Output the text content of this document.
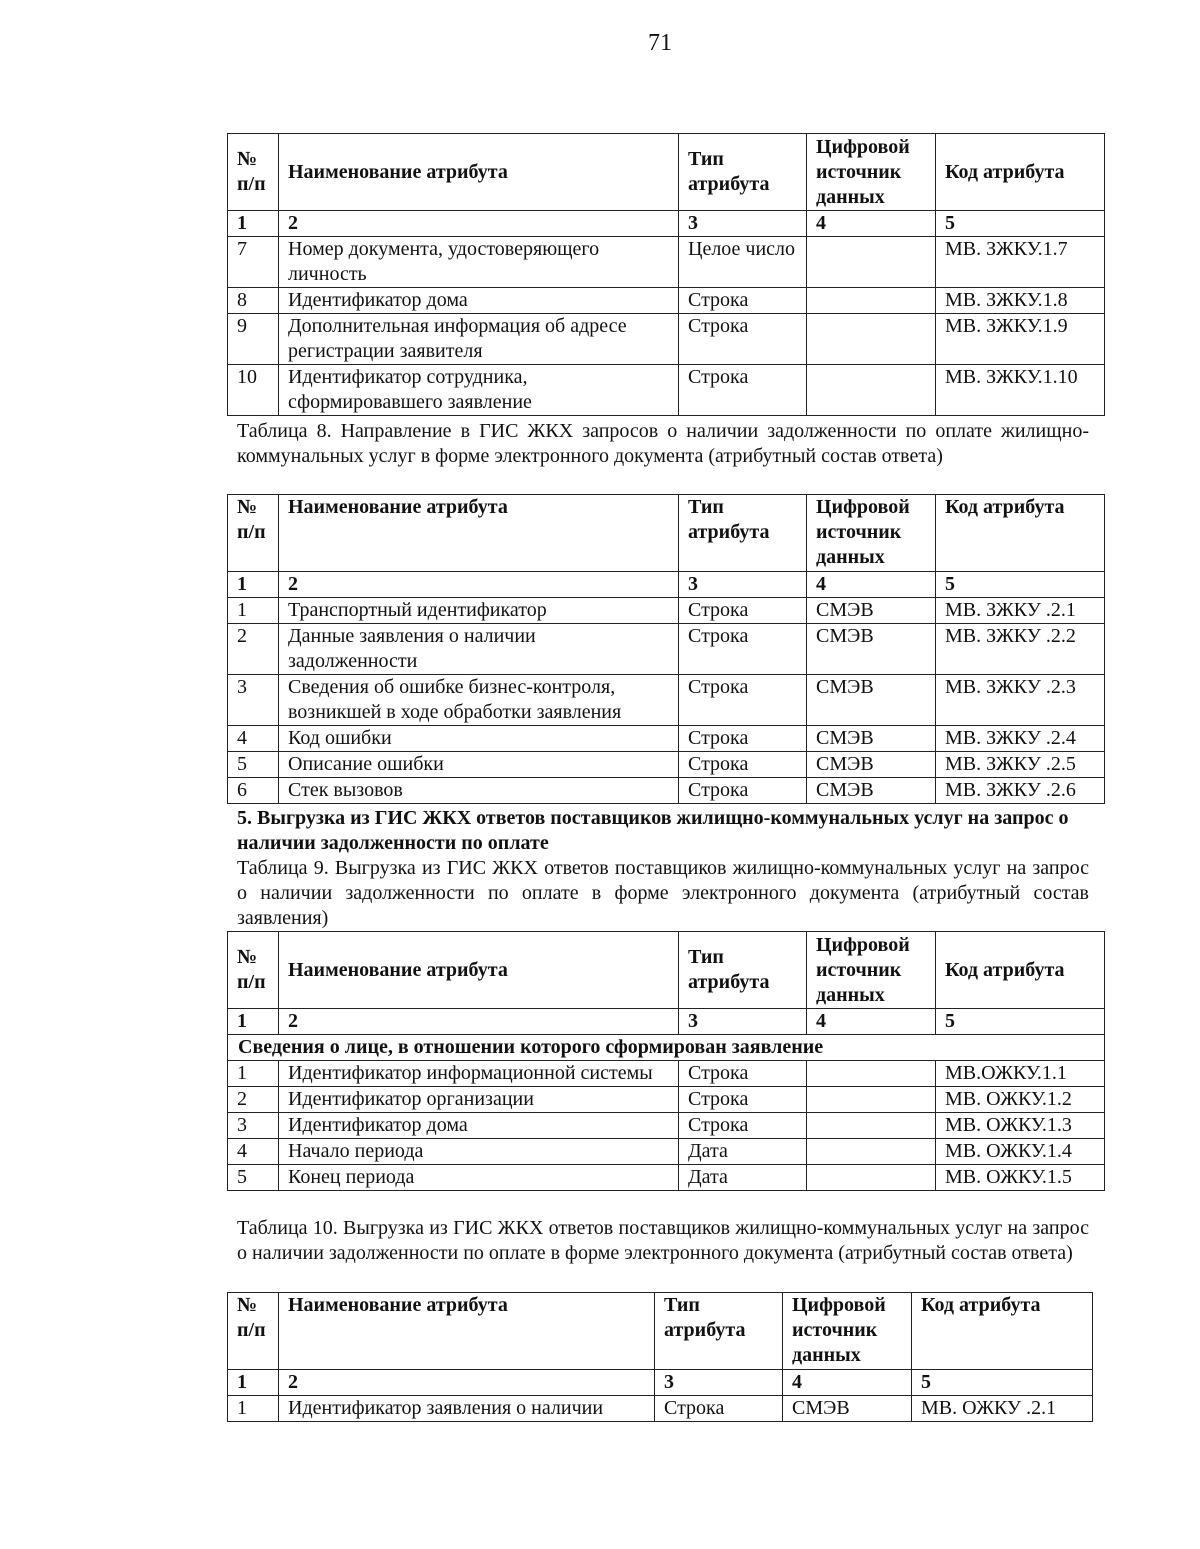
71
№ п/п	Наименование атрибута	Тип атрибута	Цифровой источник данных	Код атрибута
1	2	3	4	5
7	Номер документа, удостоверяющего личность	Целое число		МВ. ЗЖКУ.1.7
8	Идентификатор дома	Строка		МВ. ЗЖКУ.1.8
9	Дополнительная информация об адресе регистрации заявителя	Строка		МВ. ЗЖКУ.1.9
10	Идентификатор сотрудника, сформировавшего заявление	Строка		МВ. ЗЖКУ.1.10
Таблица 8. Направление в ГИС ЖКХ запросов о наличии задолженности по оплате жилищно-коммунальных услуг в форме электронного документа (атрибутный состав ответа)
№ п/п	Наименование атрибута	Тип атрибута	Цифровой источник данных	Код атрибута
1	2	3	4	5
1	Транспортный идентификатор	Строка	СМЭВ	МВ. ЗЖКУ .2.1
2	Данные заявления о наличии задолженности	Строка	СМЭВ	МВ. ЗЖКУ .2.2
3	Сведения об ошибке бизнес-контроля, возникшей в ходе обработки заявления	Строка	СМЭВ	МВ. ЗЖКУ .2.3
4	Код ошибки	Строка	СМЭВ	МВ. ЗЖКУ .2.4
5	Описание ошибки	Строка	СМЭВ	МВ. ЗЖКУ .2.5
6	Стек вызовов	Строка	СМЭВ	МВ. ЗЖКУ .2.6
5. Выгрузка из ГИС ЖКХ ответов поставщиков жилищно-коммунальных услуг на запрос о наличии задолженности по оплате
Таблица 9. Выгрузка из ГИС ЖКХ ответов поставщиков жилищно-коммунальных услуг на запрос о наличии задолженности по оплате в форме электронного документа (атрибутный состав заявления)
№ п/п	Наименование атрибута	Тип атрибута	Цифровой источник данных	Код атрибута
1	2	3	4	5
Сведения о лице, в отношении которого сформирован заявление				
1	Идентификатор информационной системы	Строка		МВ.ОЖКУ.1.1
2	Идентификатор организации	Строка		МВ. ОЖКУ.1.2
3	Идентификатор дома	Строка		МВ. ОЖКУ.1.3
4	Начало периода	Дата		МВ. ОЖКУ.1.4
5	Конец периода	Дата		МВ. ОЖКУ.1.5
Таблица 10. Выгрузка из ГИС ЖКХ ответов поставщиков жилищно-коммунальных услуг на запрос о наличии задолженности по оплате в форме электронного документа (атрибутный состав ответа)
№ п/п	Наименование атрибута	Тип атрибута	Цифровой источник данных	Код атрибута
1	2	3	4	5
1	Идентификатор заявления о наличии	Строка	СМЭВ	МВ. ОЖКУ .2.1
